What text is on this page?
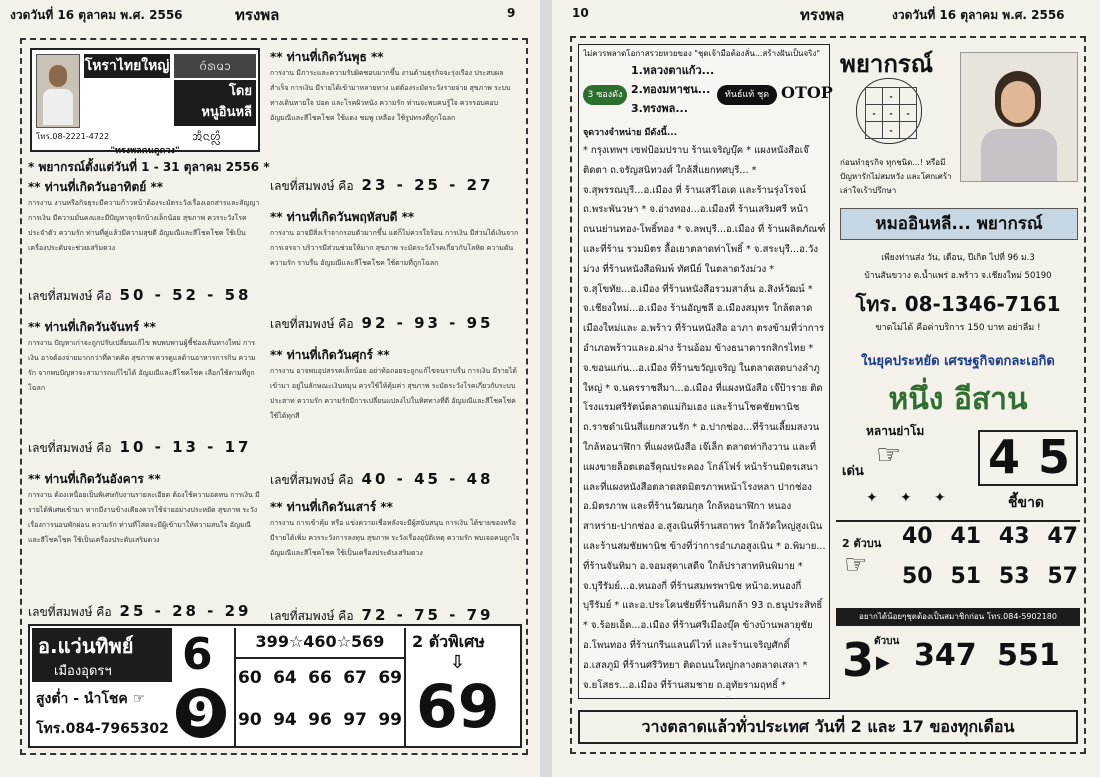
งวดวันที่ 16 ตุลาคม พ.ศ. 2556	ทรงพล	9
โหราไทยใหญ่	ᨣᩢᩁᨾᩣ
โดย
หนูอินหลี
โทร.08-2221-4722	ᩋᩥᨶᩉᩖᩦ
"ทรงพลคนดูดวง"
* พยากรณ์ตั้งแต่วันที่ 1 - 31 ตุลาคม 2556 *
** ท่านที่เกิดวันอาทิตย์ **
การงาน งานหรือกิจธุระมีความก้าวหน้าต้องระมัดระวังเรื่องเอกสารและสัญญา การเงิน มีความมั่นคงและมีปัญหาจุกจิกบ้างเล็กน้อย สุขภาพ ควรระวังโรคประจำตัว ความรัก ท่านที่คู่แล้วมีความสุขดี อัญมณีและสีโชคโชค ใช้เป็นเครื่องประดับจะช่วยเสริมดวง
เลขที่สมพงษ์ คือ 50 - 52 - 58
** ท่านที่เกิดวันจันทร์ **
การงาน ปัญหาเก่าจะถูกปรับเปลี่ยนแก้ไข พบพบพานผู้ชี้ช่องเส้นทางใหม่ การเงิน อาจต้องจ่ายมากกว่าที่คาดคิด สุขภาพ ควรดูแลด้านอาหารการกิน ความรัก จากพบปัญหาจะสามารถแก้ไขได้ อัญมณีและสีโชคโชค เลือกใช้ตามที่ถูกโฉลก
เลขที่สมพงษ์ คือ 10 - 13 - 17
** ท่านที่เกิดวันอังคาร **
การงาน ต้องเหนื่อยเป็นพิเศษกับงานรายละเอียด ต้องใช้ความอดทน การเงิน มีรายได้พิเศษเข้ามา หากมีงานข้างเคียงควรใช้จ่ายอย่างประหยัด สุขภาพ ระวังเรื่องการนอนพักผ่อน ความรัก ท่านที่โสดจะมีผู้เข้ามาให้ความสนใจ อัญมณีและสีโชคโชค ใช้เป็นเครื่องประดับเสริมดวง
เลขที่สมพงษ์ คือ 25 - 28 - 29
** ท่านที่เกิดวันพุธ **
การงาน มีภาระและความรับผิดชอบมากขึ้น งานด้านธุรกิจจะรุ่งเรือง ประสบผลสำเร็จ การเงิน มีรายได้เข้ามาหลายทาง แต่ต้องระมัดระวังรายจ่าย สุขภาพ ระบบทางเดินหายใจ ปอด และโรคผิวหนัง ความรัก ท่านจะพบคนรู้ใจ ควรรอบคอบ อัญมณีและสีโชคโชค ใช้แดง ชมพู เหลือง ใช้รูปทรงที่ถูกโฉลก
เลขที่สมพงษ์ คือ 23 - 25 - 27
** ท่านที่เกิดวันพฤหัสบดี **
การงาน อาจมีสิ่งเร้าจากรอบตัวมากขึ้น แต่ก็ไม่ควรใจร้อน การเงิน มีส่วนได้เงินจากการเจรจา บริวารมีส่วนช่วยให้มาก สุขภาพ ระมัดระวังโรคเกี่ยวกับโลหิต ความดัน ความรัก ราบรื่น อัญมณีและสีโชคโชค ใช้ตามที่ถูกโฉลก
เลขที่สมพงษ์ คือ 92 - 93 - 95
** ท่านที่เกิดวันศุกร์ **
การงาน อาจพบอุปสรรคเล็กน้อย อย่าท้อถอยจะถูกแก้ไขจนราบรื่น การเงิน มีรายได้เข้ามา อยู่ในลักษณะเงินหมุน ควรใช้ให้คุ้มค่า สุขภาพ ระมัดระวังโรคเกี่ยวกับระบบประสาท ความรัก ความรักมีการเปลี่ยนแปลงไปในทิศทางที่ดี อัญมณีและสีโชคโชค ใช้ได้ทุกสี
เลขที่สมพงษ์ คือ 40 - 45 - 48
** ท่านที่เกิดวันเสาร์ **
การงาน การเข้าคุ้ม หรือ แข่งความเชื่อหลังจะมีผู้สนับสนุน การเงิน ได้ขายของหรือมีรายได้เพิ่ม ควรระวังการลงทุน สุขภาพ ระวังเรื่องอุบัติเหตุ ความรัก พบเจอคนถูกใจ อัญมณีและสีโชคโชค ใช้เป็นเครื่องประดับเสริมดวง
เลขที่สมพงษ์ คือ 72 - 75 - 79
อ.แว่นทิพย์
เมืองอุดรฯ
สูงต่ำ - นำโชค ☞
โทร.084-7965302
6
9
399☆460☆569
60 64 66 67 69
90 94 96 97 99
2 ตัวพิเศษ
⇩
69
10	ทรงพล	งวดวันที่ 16 ตุลาคม พ.ศ. 2556
ไม่ควรพลาดโอกาสรวยหวยของ "ชุดเจ้ามือต้องลั่น...สร้างฝันเป็นจริง"
3 ซองดัง
1.หลวงตาแก้ว...
2.ทองมหาชน...
3.ทรงพล...
ทันธ์แท้ ชุด OTOP
จุดวางจำหน่าย มีดังนี้...
* กรุงเทพฯ เซฟป้อมปราบ ร้านเจริญบุ๊ค * แผงหนังสือเจ๊ติดตา ถ.จรัญสนิทวงศ์ ใกล้สี่แยกทศบุรี... * จ.สุพรรณบุรี...อ.เมือง ที่ ร้านเสรีไอเด และร้านรุ่งโรจน์ ถ.พระพันวษา * จ.อ่างทอง...อ.เมืองที่ ร้านเสริมศรี หน้าถนนย่านทอง-โพธิ์ทอง * จ.ลพบุรี...อ.เมือง ที่ ร้านผลิตภัณฑ์ และที่ร้าน รวมมิตร ลื้อเยาตลาดท่าโพธิ์ * จ.สระบุรี...อ.วังม่วง ที่ร้านหนังสือพิมพ์ ทัศนีย์ ในตลาดวังม่วง * จ.สุโขทัย...อ.เมือง ที่ร้านหนังสือรวมสาส์น อ.สิงห์วัฒน์ * จ.เชียงใหม่...อ.เมือง ร้านอัญชลี อ.เมืองสมุทร ใกล้ตลาดเมืองใหม่และ อ.พร้าว ที่ร้านหนังสือ อาภา ตรงข้ามที่ว่าการอำเภอพร้าวและอ.ฝาง ร้านอ้อม ข้างธนาคารกสิกรไทย * จ.ขอนแก่น...อ.เมือง ที่ร้านขวัญเจริญ ในตลาดสดบางลำภู ใหญ่ * จ.นครราชสีมา...อ.เมือง ที่แผงหนังสือ เจ๊ป้าราย ติดโรงแรมศรีรัตน์ตลาดแม่กิมเฮง และร้านโชคชัยพานิช ถ.ราชดำเนินสี่แยกสวนรัก * อ.ปากช่อง...ที่ร้านเลี้ยมสงวน ใกล้หอนาฬิกา ที่แผงหนังสือ เจ๊เล็ก ตลาดท่ากิงวาน และที่แผงขายล็อตเตอรี่คุณประคอง โกล์โฟร์ หน้าร้านมิตรเสนา และที่แผงหนังสือตลาดสดมิตรภาพหน้าโรงหลา ปากช่อง อ.มิตรภาพ และที่ร้านวัฒนกุล ใกล้หอนาฬิกา หนองสาหร่าย-ปากช่อง อ.สูงเนินที่ร้านสถาพร ใกล้วัดใหญ่สูงเนิน และร้านสมชัยพานิช ข้างที่ว่าการอำเภอสูงเนิน * อ.พิมาย... ที่ร้านจันทิมา อ.จอมสุดาเสดีจ ใกล้ปราสาทหินพิมาย * จ.บุรีรัมย์...อ.หนองกี่ ที่ร้านสมพรพานิช หน้าอ.หนองกี่ บุรีรัมย์ * และอ.ประโคนชัยที่ร้านคิมกล้า 93 ถ.ธนูประสิทธิ์ * จ.ร้อยเอ็ด...อ.เมือง ที่ร้านศรีเมืองบุ๊ค ข้างบ้านพลายุชัย อ.โพนทอง ที่ร้านกรีนแลนด์ไวท์ และร้านเจริญศักดิ์ อ.เสลภูมิ ที่ร้านศรีวิทยา ติดถนนใหญ่กลางตลาดเสลา * จ.ยโสธร...อ.เมือง ที่ร้านสมชาย ถ.อุทัยรามฤทธิ์ *
พยากรณ์
	-	
-	-	-
	-	
ก่อนทำธุรกิจ ทุกชนิด...! หรือมีปัญหารักไม่สมหวัง และโศกเศร้า เล่าใจเร้าปรึกษา
หมออินหลี... พยากรณ์
เพียงท่านส่ง วัน, เดือน, ปีเกิด ไปที่ 96 ม.3
บ้านสันขวาง ต.น้ำแพร่ อ.พร้าว จ.เชียงใหม่ 50190
โทร. 08-1346-7161
ขาดไม่ได้ คือค่าบริการ 150 บาท อย่าลืม !
ในยุคประหยัด เศรษฐกิจตกละเอกิด
หนึ่ง อีสาน
หลานย่าโม
☞
เด่น
✦     ✦     ✦
4 5
ชี้ขาด
2 ตัวบน
☞
40 41 43 47
50 51 53 57
อยากได้น้อยๆชุดต้องเป็นสมาชิกก่อน โทร.084-5902180
3 ตัวบน
▶ 347 551
วางตลาดแล้วทั่วประเทศ วันที่ 2 และ 17 ของทุกเดือน
